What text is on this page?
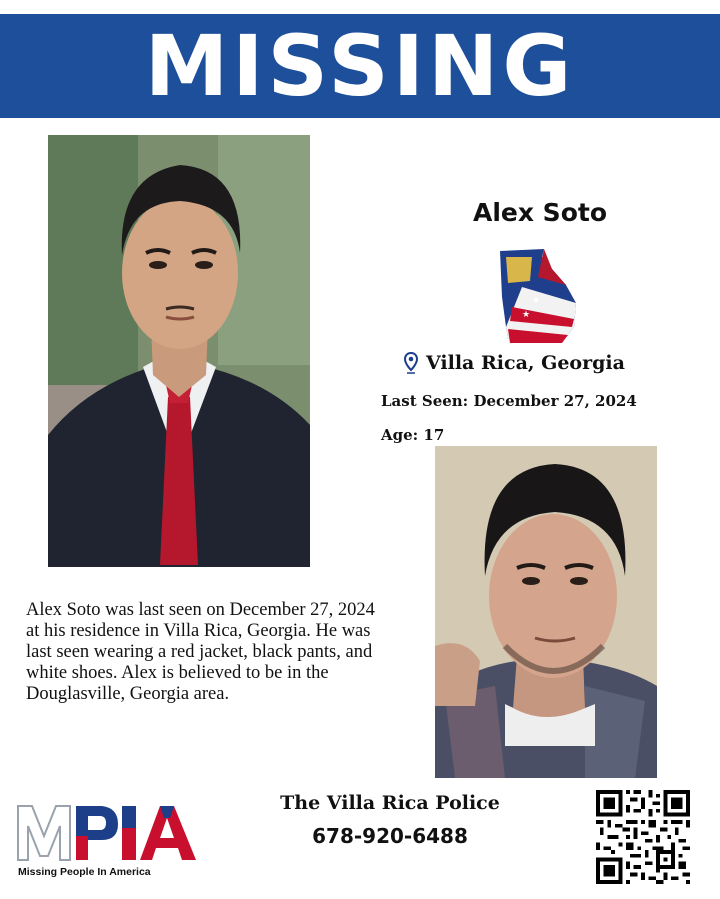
MISSING
Alex Soto
★
★
Villa Rica, Georgia
Last Seen: December 27, 2024
Age: 17
Alex Soto was last seen on December 27, 2024 at his residence in Villa Rica, Georgia. He was last seen wearing a red jacket, black pants, and white shoes. Alex is believed to be in the Douglasville, Georgia area.
Missing People In America
The Villa Rica Police
678-920-6488
